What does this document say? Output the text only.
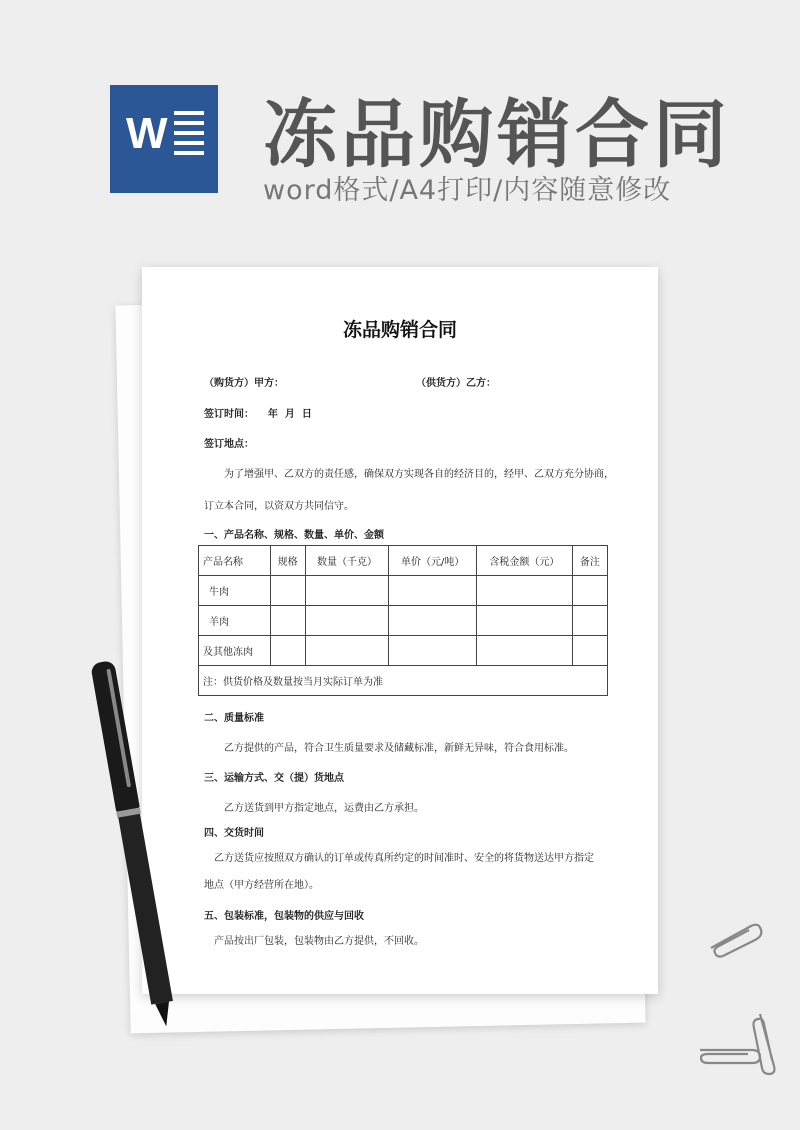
W 冻品购销合同
word格式/A4打印/内容随意修改
冻品购销合同
（购货方）甲方：	（供货方）乙方：
签订时间：    年  月  日
签订地点：
为了增强甲、乙双方的责任感，确保双方实现各自的经济目的，经甲、乙双方充分协商，
订立本合同，以资双方共同信守。
一、产品名称、规格、数量、单价、金额
产品名称	规格	数量（千克）	单价（元/吨）	含税金额（元）	备注
牛肉					
羊肉					
及其他冻肉					
注：供货价格及数量按当月实际订单为准					
二、质量标准
乙方提供的产品，符合卫生质量要求及储藏标准，新鲜无异味，符合食用标准。
三、运输方式、交（提）货地点
乙方送货到甲方指定地点，运费由乙方承担。
四、交货时间
乙方送货应按照双方确认的订单或传真所约定的时间准时、安全的将货物送达甲方指定
地点（甲方经营所在地）。
五、包装标准，包装物的供应与回收
产品按出厂包装，包装物由乙方提供，不回收。
